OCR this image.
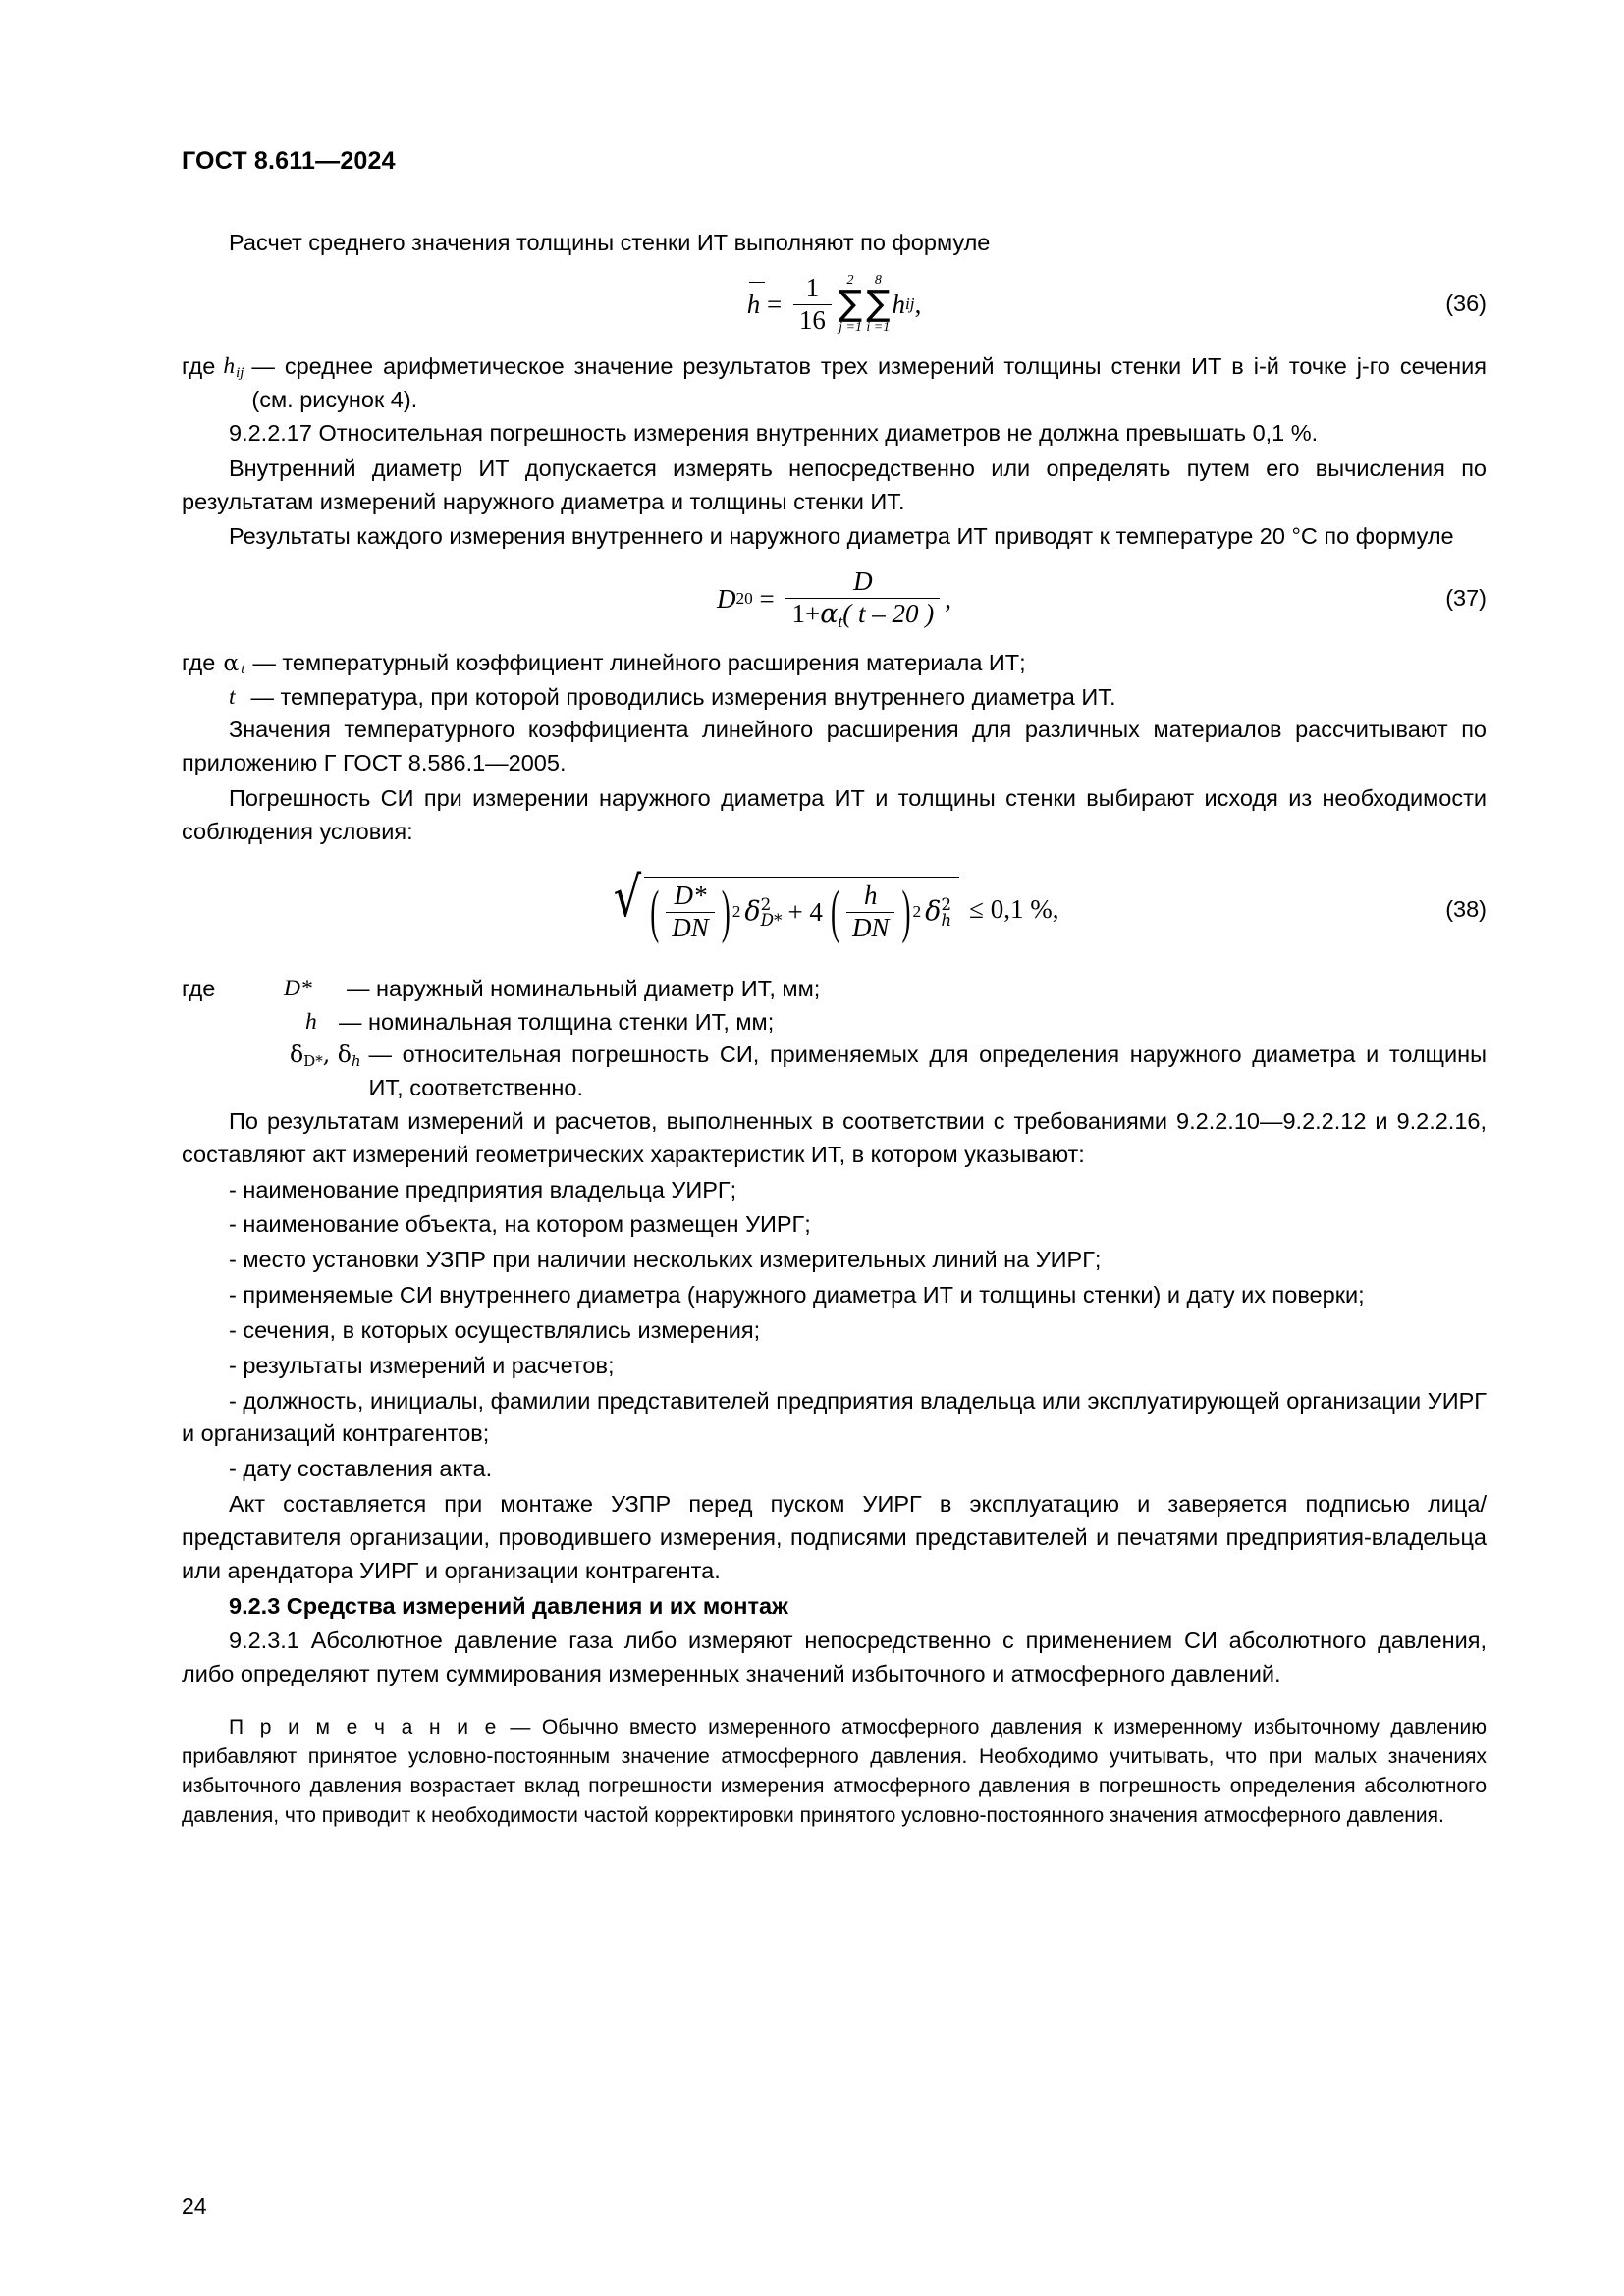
ГОСТ 8.611—2024

Расчет среднего значения толщины стенки ИТ выполняют по формуле

$h = \frac{1}{16} 2$
∑
j =1
8
∑
i =1
h ij ,	(36)
где h $_{ij}$ — среднее арифметическое значение результатов трех измерений толщины стенки ИТ в i-й точке j-го сечения (см. рисунок 4).

9.2.2.17 Относительная погрешность измерения внутренних диаметров не должна превышать 0,1 %.

Внутренний диаметр ИТ допускается измерять непосредственно или определять путем его вычисления по результатам измерений наружного диаметра и толщины стенки ИТ.

Результаты каждого измерения внутреннего и наружного диаметра ИТ приводят к температуре 20 °С по формуле

D $20 = \frac{D}{1+\alpha_t( t - 20 )}$ ,	(37)
где α $_t$ — температурный коэффициент линейного расширения материала ИТ;
t — температура, при которой проводились измерения внутреннего диаметра ИТ.

Значения температурного коэффициента линейного расширения для различных материалов рассчитывают по приложению Г ГОСТ 8.586.1—2005.

Погрешность СИ при измерении наружного диаметра ИТ и толщины стенки выбирают исходя из необходимости соблюдения условия:

√ ( $\frac{D*}{DN}$ ) 2 δ 2
D* + 4 ( $\frac{h}{DN}$ ) 2 δ 2
h ≤ 0,1 %,	(38)
где	D*	— наружный номинальный диаметр ИТ, мм;

h — номинальная толщина стенки ИТ, мм;

$\delta_{D*}$, $\delta_h$ — относительная погрешность СИ, применяемых для определения наружного диаметра и толщины ИТ, соответственно.

По результатам измерений и расчетов, выполненных в соответствии с требованиями 9.2.2.10—9.2.2.12 и 9.2.2.16, составляют акт измерений геометрических характеристик ИТ, в котором указывают:

- наименование предприятия владельца УИРГ;

- наименование объекта, на котором размещен УИРГ;

- место установки УЗПР при наличии нескольких измерительных линий на УИРГ;

- применяемые СИ внутреннего диаметра (наружного диаметра ИТ и толщины стенки) и дату их поверки;

- сечения, в которых осуществлялись измерения;

- результаты измерений и расчетов;

- должность, инициалы, фамилии представителей предприятия владельца или эксплуатирующей организации УИРГ и организаций контрагентов;

- дату составления акта.

Акт составляется при монтаже УЗПР перед пуском УИРГ в эксплуатацию и заверяется подписью лица/представителя организации, проводившего измерения, подписями представителей и печатями предприятия-владельца или арендатора УИРГ и организации контрагента.

9.2.3 Средства измерений давления и их монтаж

9.2.3.1 Абсолютное давление газа либо измеряют непосредственно с применением СИ абсолютного давления, либо определяют путем суммирования измеренных значений избыточного и атмосферного давлений.

П р и м е ч а н и е — Обычно вместо измеренного атмосферного давления к измеренному избыточному давлению прибавляют принятое условно-постоянным значение атмосферного давления. Необходимо учитывать, что при малых значениях избыточного давления возрастает вклад погрешности измерения атмосферного давления в погрешность определения абсолютного давления, что приводит к необходимости частой корректировки принятого условно-постоянного значения атмосферного давления.
24
